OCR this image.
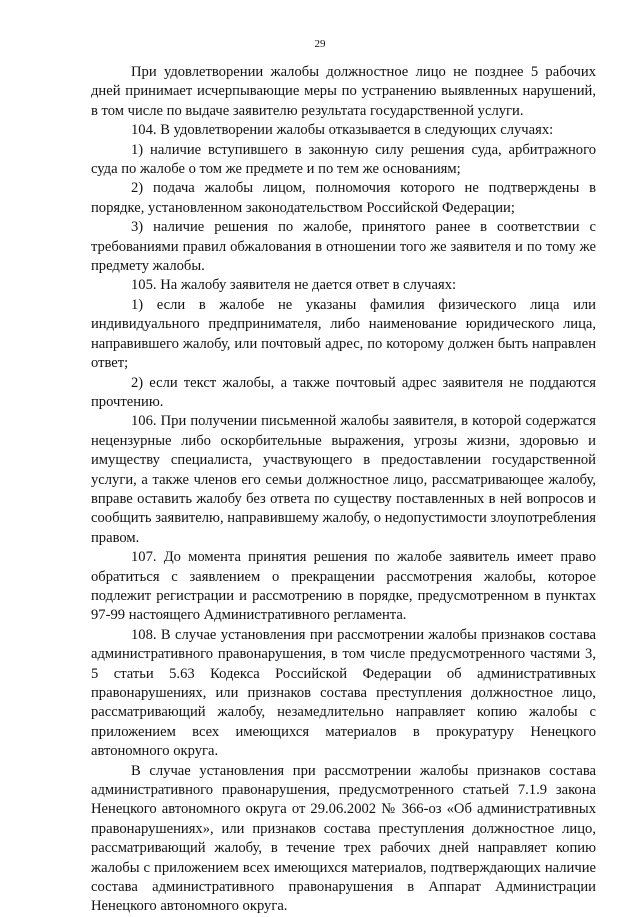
29

При удовлетворении жалобы должностное лицо не позднее 5 рабочих дней принимает исчерпывающие меры по устранению выявленных нарушений, в том числе по выдаче заявителю результата государственной услуги.

104. В удовлетворении жалобы отказывается в следующих случаях:

1) наличие вступившего в законную силу решения суда, арбитражного суда по жалобе о том же предмете и по тем же основаниям;

2) подача жалобы лицом, полномочия которого не подтверждены в порядке, установленном законодательством Российской Федерации;

3) наличие решения по жалобе, принятого ранее в соответствии с требованиями правил обжалования в отношении того же заявителя и по тому же предмету жалобы.

105. На жалобу заявителя не дается ответ в случаях:

1) если в жалобе не указаны фамилия физического лица или индивидуального предпринимателя, либо наименование юридического лица, направившего жалобу, или почтовый адрес, по которому должен быть направлен ответ;

2) если текст жалобы, а также почтовый адрес заявителя не поддаются прочтению.

106. При получении письменной жалобы заявителя, в которой содержатся нецензурные либо оскорбительные выражения, угрозы жизни, здоровью и имуществу специалиста, участвующего в предоставлении государственной услуги, а также членов его семьи должностное лицо, рассматривающее жалобу, вправе оставить жалобу без ответа по существу поставленных в ней вопросов и сообщить заявителю, направившему жалобу, о недопустимости злоупотребления правом.

107. До момента принятия решения по жалобе заявитель имеет право обратиться с заявлением о прекращении рассмотрения жалобы, которое подлежит регистрации и рассмотрению в порядке, предусмотренном в пунктах 97-99 настоящего Административного регламента.

108. В случае установления при рассмотрении жалобы признаков состава административного правонарушения, в том числе предусмотренного частями 3, 5 статьи 5.63 Кодекса Российской Федерации об административных правонарушениях, или признаков состава преступления должностное лицо, рассматривающий жалобу, незамедлительно направляет копию жалобы с приложением всех имеющихся материалов в прокуратуру Ненецкого автономного округа.

В случае установления при рассмотрении жалобы признаков состава административного правонарушения, предусмотренного статьей 7.1.9 закона Ненецкого автономного округа от 29.06.2002 № 366-оз «Об административных правонарушениях», или признаков состава преступления должностное лицо, рассматривающий жалобу, в течение трех рабочих дней направляет копию жалобы с приложением всех имеющихся материалов, подтверждающих наличие состава административного правонарушения в Аппарат Администрации Ненецкого автономного округа.
